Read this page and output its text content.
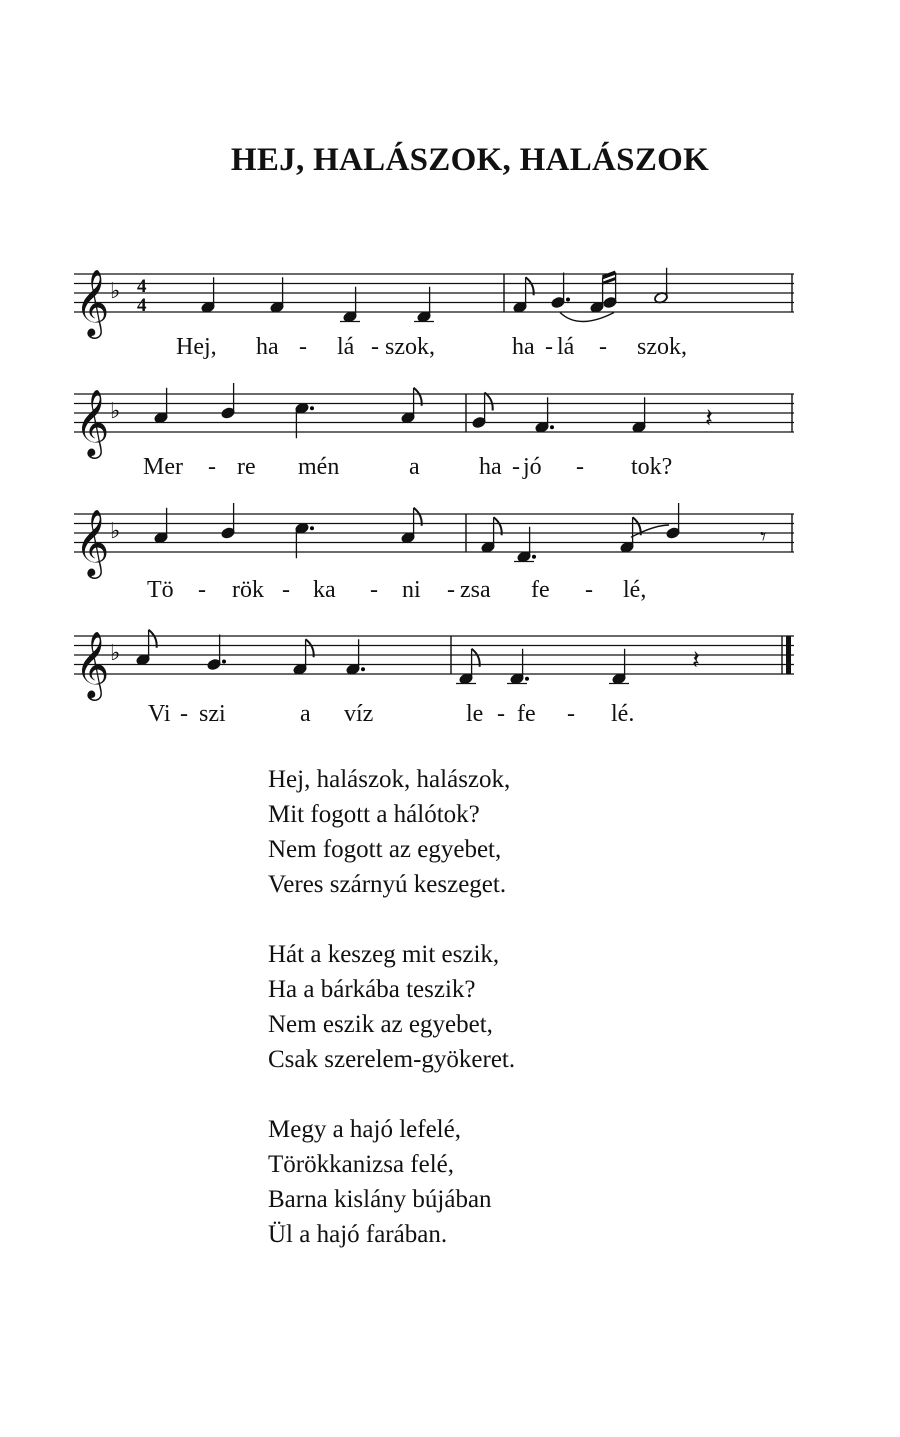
HEJ, HALÁSZOK, HALÁSZOK
𝄞 ♭ 4
4
Hej, ha - lá - szok,	ha - lá - szok,
𝄞 ♭	𝄽
Mer - re mén	a ha - jó - tok?
𝄞 ♭	𝄾
Tö - rök - ka - ni - zsa fe - lé,
𝄞 ♭	𝄽
Vi - szi	a víz	le - fe - lé.
Hej, halászok, halászok,
Mit fogott a hálótok?
Nem fogott az egyebet,
Veres szárnyú keszeget.
Hát a keszeg mit eszik,
Ha a bárkába teszik?
Nem eszik az egyebet,
Csak szerelem-gyökeret.
Megy a hajó lefelé,
Törökkanizsa felé,
Barna kislány bújában
Ül a hajó farában.
